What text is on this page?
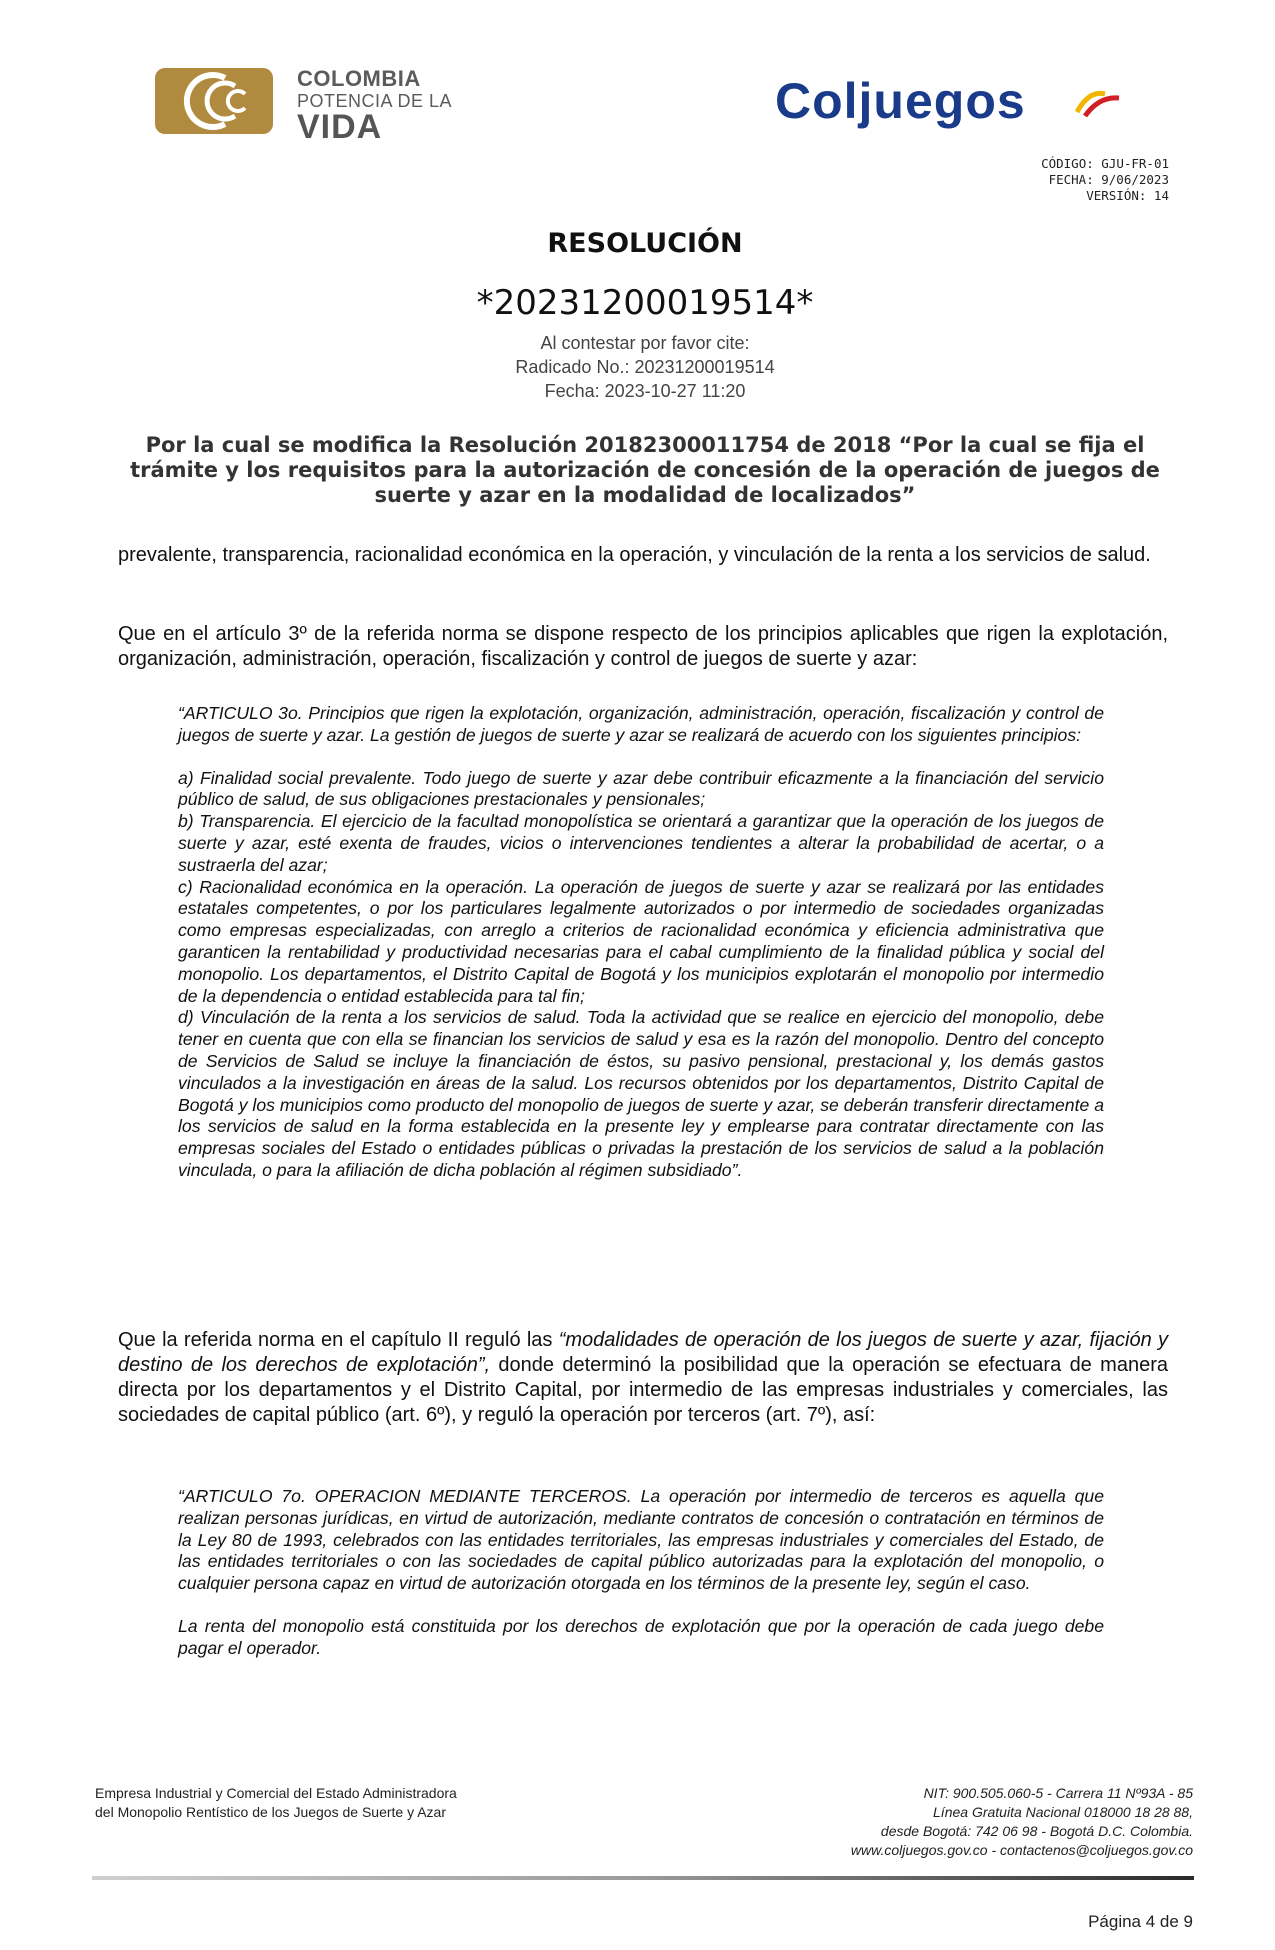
COLOMBIA
POTENCIA DE LA
VIDA	Coljuegos
CÓDIGO: GJU-FR-01
FECHA: 9/06/2023
VERSIÓN: 14
RESOLUCIÓN
*20231200019514*
Al contestar por favor cite:
Radicado No.: 20231200019514
Fecha: 2023-10-27 11:20
Por la cual se modifica la Resolución 20182300011754 de 2018 “Por la cual se fija el trámite y los requisitos para la autorización de concesión de la operación de juegos de suerte y azar en la modalidad de localizados”

prevalente, transparencia, racionalidad económica en la operación, y vinculación de la renta a los servicios de salud.

Que en el artículo 3º de la referida norma se dispone respecto de los principios aplicables que rigen la explotación, organización, administración, operación, fiscalización y control de juegos de suerte y azar:

“ARTICULO 3o. Principios que rigen la explotación, organización, administración, operación, fiscalización y control de juegos de suerte y azar. La gestión de juegos de suerte y azar se realizará de acuerdo con los siguientes principios:

a) Finalidad social prevalente. Todo juego de suerte y azar debe contribuir eficazmente a la financiación del servicio público de salud, de sus obligaciones prestacionales y pensionales;

b) Transparencia. El ejercicio de la facultad monopolística se orientará a garantizar que la operación de los juegos de suerte y azar, esté exenta de fraudes, vicios o intervenciones tendientes a alterar la probabilidad de acertar, o a sustraerla del azar;

c) Racionalidad económica en la operación. La operación de juegos de suerte y azar se realizará por las entidades estatales competentes, o por los particulares legalmente autorizados o por intermedio de sociedades organizadas como empresas especializadas, con arreglo a criterios de racionalidad económica y eficiencia administrativa que garanticen la rentabilidad y productividad necesarias para el cabal cumplimiento de la finalidad pública y social del monopolio. Los departamentos, el Distrito Capital de Bogotá y los municipios explotarán el monopolio por intermedio de la dependencia o entidad establecida para tal fin;

d) Vinculación de la renta a los servicios de salud. Toda la actividad que se realice en ejercicio del monopolio, debe tener en cuenta que con ella se financian los servicios de salud y esa es la razón del monopolio. Dentro del concepto de Servicios de Salud se incluye la financiación de éstos, su pasivo pensional, prestacional y, los demás gastos vinculados a la investigación en áreas de la salud. Los recursos obtenidos por los departamentos, Distrito Capital de Bogotá y los municipios como producto del monopolio de juegos de suerte y azar, se deberán transferir directamente a los servicios de salud en la forma establecida en la presente ley y emplearse para contratar directamente con las empresas sociales del Estado o entidades públicas o privadas la prestación de los servicios de salud a la población vinculada, o para la afiliación de dicha población al régimen subsidiado”.

Que la referida norma en el capítulo II reguló las “modalidades de operación de los juegos de suerte y azar, fijación y destino de los derechos de explotación”, donde determinó la posibilidad que la operación se efectuara de manera directa por los departamentos y el Distrito Capital, por intermedio de las empresas industriales y comerciales, las sociedades de capital público (art. 6º), y reguló la operación por terceros (art. 7º), así:

“ARTICULO 7o. OPERACION MEDIANTE TERCEROS. La operación por intermedio de terceros es aquella que realizan personas jurídicas, en virtud de autorización, mediante contratos de concesión o contratación en términos de la Ley 80 de 1993, celebrados con las entidades territoriales, las empresas industriales y comerciales del Estado, de las entidades territoriales o con las sociedades de capital público autorizadas para la explotación del monopolio, o cualquier persona capaz en virtud de autorización otorgada en los términos de la presente ley, según el caso.

La renta del monopolio está constituida por los derechos de explotación que por la operación de cada juego debe pagar el operador.

Empresa Industrial y Comercial del Estado Administradora
del Monopolio Rentístico de los Juegos de Suerte y Azar
NIT: 900.505.060-5 - Carrera 11 Nº93A - 85
Línea Gratuita Nacional 018000 18 28 88,
desde Bogotá: 742 06 98 - Bogotá D.C. Colombia.
www.coljuegos.gov.co - contactenos@coljuegos.gov.co
Página 4 de 9
